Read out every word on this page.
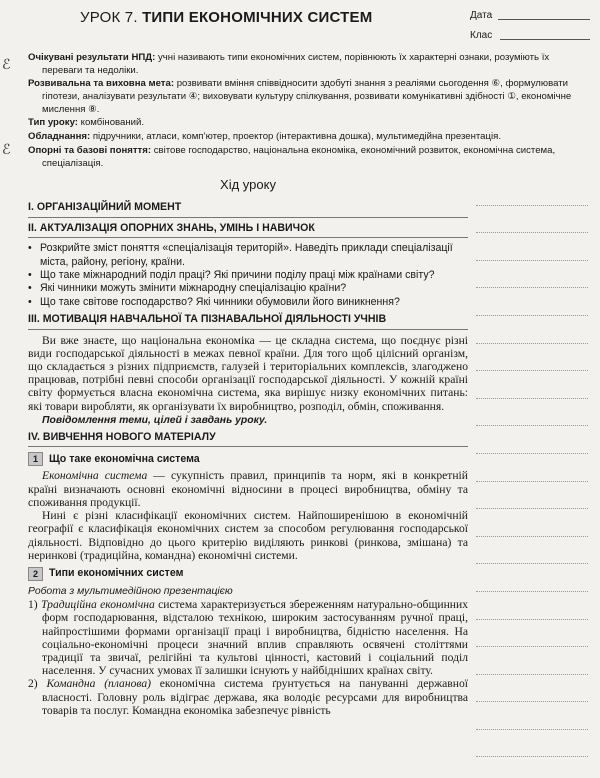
УРОК 7. ТИПИ ЕКОНОМІЧНИХ СИСТЕМ	Дата
Клас
ℰ
ℰ

Очікувані результати НПД: учні називають типи економічних систем, порівнюють їх характерні ознаки, розуміють їх переваги та недоліки.

Розвивальна та виховна мета: розвивати вміння співвідносити здобуті знання з реаліями сьогодення ⑥, формулювати гіпотези, аналізувати результати ④; виховувати культуру спілкування, розвивати комунікативні здібності ①, економічне мислення ⑧.

Тип уроку: комбінований.

Обладнання: підручники, атласи, комп’ютер, проектор (інтерактивна дошка), мультимедійна презентація.

Опорні та базові поняття: світове господарство, національна економіка, економічний розвиток, економічна система, спеціалізація.

Хід уроку
I. ОРГАНІЗАЦІЙНИЙ МОМЕНТ
II. АКТУАЛІЗАЦІЯ ОПОРНИХ ЗНАНЬ, УМІНЬ І НАВИЧОК

• Розкрийте зміст поняття «спеціалізація територій». Наведіть приклади спеціалізації міста, району, регіону, країни.

• Що таке міжнародний поділ праці? Які причини поділу праці між країнами світу?

• Які чинники можуть змінити міжнародну спеціалізацію країни?

• Що таке світове господарство? Які чинники обумовили його виникнення?

III. МОТИВАЦІЯ НАВЧАЛЬНОЇ ТА ПІЗНАВАЛЬНОЇ ДІЯЛЬНОСТІ УЧНІВ

Ви вже знаєте, що національна економіка — це складна система, що поєднує різні види господарської діяльності в межах певної країни. Для того щоб цілісний організм, що складається з різних підприємств, галузей і територіальних комплексів, злагоджено працював, потрібні певні способи організації господарської діяльності. У кожній країні світу формується власна економічна система, яка вирішує низку економічних питань: які товари виробляти, як організувати їх виробництво, розподіл, обмін, споживання.

Повідомлення теми, цілей і завдань уроку.

IV. ВИВЧЕННЯ НОВОГО МАТЕРІАЛУ
1	Що таке економічна система

Економічна система — сукупність правил, принципів та норм, які в конкретній країні визначають основні економічні відносини в процесі виробництва, обміну та споживання продукції.

Нині є різні класифікації економічних систем. Найпоширенішою в економічній географії є класифікація економічних систем за способом регулювання господарської діяльності. Відповідно до цього критерію виділяють ринкові (ринкова, змішана) та неринкові (традиційна, командна) економічні системи.

2	Типи економічних систем

Робота з мультимедійною презентацією

1) Традиційна економічна система характеризується збереженням натурально-общинних форм господарювання, відсталою технікою, широким застосуванням ручної праці, найпростішими формами організації праці і виробництва, бідністю населення. На соціально-економічні процеси значний вплив справляють освячені століттями традиції та звичаї, релігійні та культові цінності, кастовий і соціальний поділ населення. У сучасних умовах її залишки існують у найбідніших країнах світу.

2) Командна (планова) економічна система ґрунтується на пануванні державної власності. Головну роль відіграє держава, яка володіє ресурсами для виробництва товарів та послуг. Командна економіка забезпечує рівність
